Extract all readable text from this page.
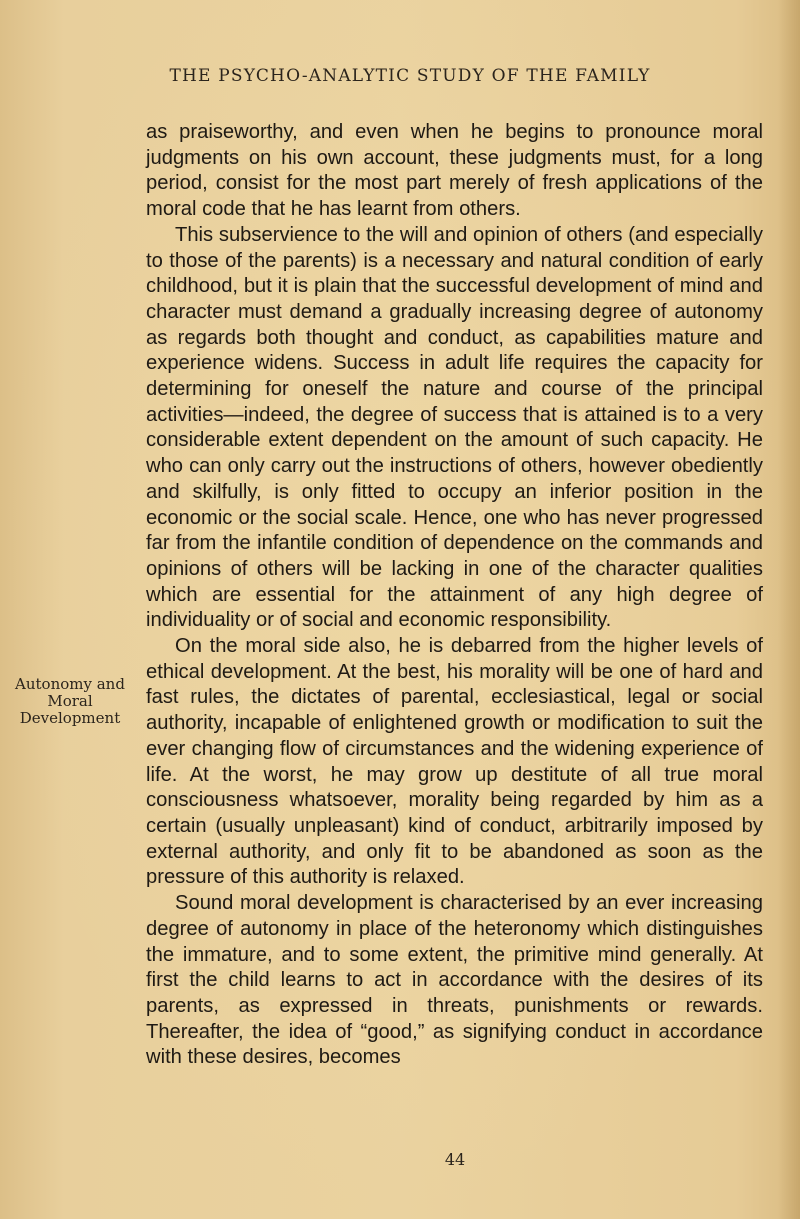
THE PSYCHO-ANALYTIC STUDY OF THE FAMILY
Autonomy and
Moral
Development

as praiseworthy, and even when he begins to pronounce moral judgments on his own account, these judgments must, for a long period, consist for the most part merely of fresh applications of the moral code that he has learnt from others.

This subservience to the will and opinion of others (and especially to those of the parents) is a necessary and natural condition of early childhood, but it is plain that the successful development of mind and character must demand a gradually increasing degree of autonomy as regards both thought and conduct, as capabilities mature and experience widens. Success in adult life requires the capacity for determining for oneself the nature and course of the principal activities—indeed, the degree of success that is attained is to a very considerable extent dependent on the amount of such capacity. He who can only carry out the instructions of others, however obediently and skilfully, is only fitted to occupy an inferior position in the economic or the social scale. Hence, one who has never progressed far from the infantile condition of dependence on the commands and opinions of others will be lacking in one of the character qualities which are essential for the attainment of any high degree of individuality or of social and economic responsibility.

On the moral side also, he is debarred from the higher levels of ethical development. At the best, his morality will be one of hard and fast rules, the dictates of parental, ecclesiastical, legal or social authority, incapable of enlightened growth or modification to suit the ever changing flow of circumstances and the widening experience of life. At the worst, he may grow up destitute of all true moral consciousness whatsoever, morality being regarded by him as a certain (usually unpleasant) kind of conduct, arbitrarily imposed by external authority, and only fit to be abandoned as soon as the pressure of this authority is relaxed.

Sound moral development is characterised by an ever increasing degree of autonomy in place of the heteronomy which distinguishes the immature, and to some extent, the primitive mind generally. At first the child learns to act in accordance with the desires of its parents, as expressed in threats, punishments or rewards. Thereafter, the idea of “good,” as signifying conduct in accordance with these desires, becomes

44
